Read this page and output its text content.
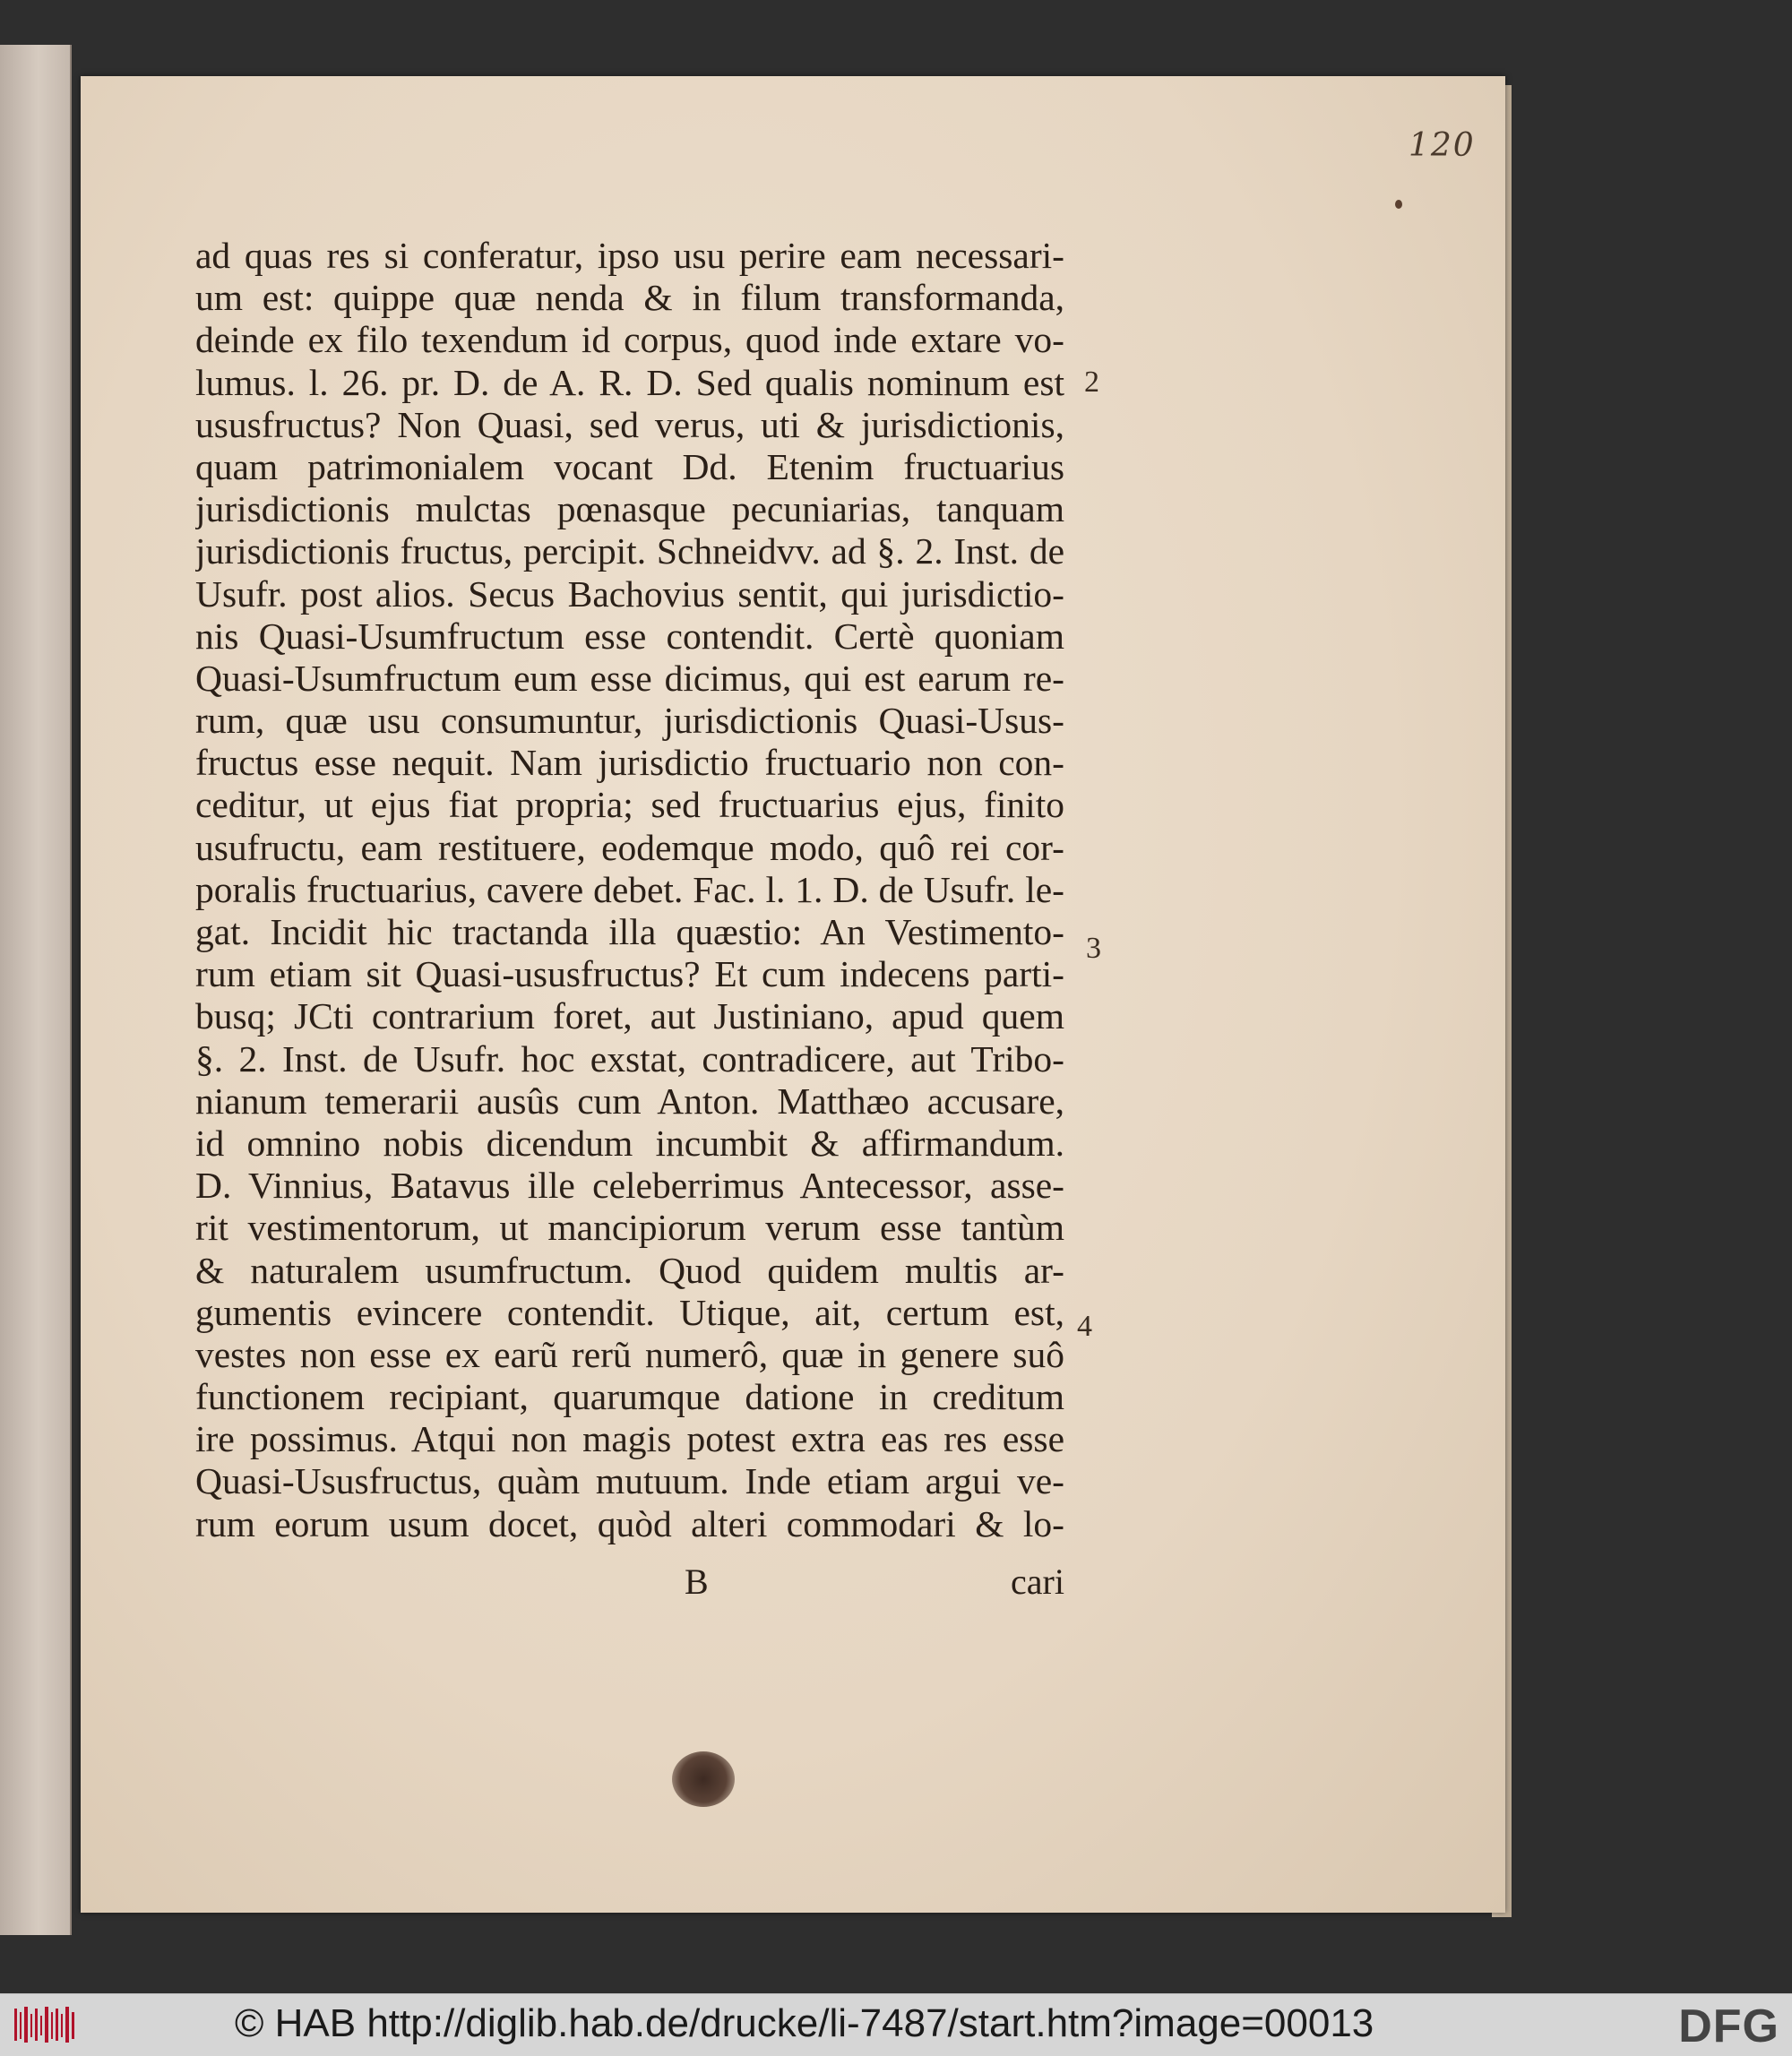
120
ad quas res si conferatur, ipso usu perire eam necessari-
um est: quippe quæ nenda & in filum transformanda,
deinde ex filo texendum id corpus, quod inde extare vo-
lumus. l. 26. pr. D. de A. R. D. Sed qualis nominum est
ususfructus? Non Quasi, sed verus, uti & jurisdictionis,
quam patrimonialem vocant Dd. Etenim fructuarius
jurisdictionis mulctas pœnasque pecuniarias, tanquam
jurisdictionis fructus, percipit. Schneidvv. ad §. 2. Inst. de
Usufr. post alios. Secus Bachovius sentit, qui jurisdictio-
nis Quasi-Usumfructum esse contendit. Certè quoniam
Quasi-Usumfructum eum esse dicimus, qui est earum re-
rum, quæ usu consumuntur, jurisdictionis Quasi-Usus-
fructus esse nequit. Nam jurisdictio fructuario non con-
ceditur, ut ejus fiat propria; sed fructuarius ejus, finito
usufructu, eam restituere, eodemque modo, quô rei cor-
poralis fructuarius, cavere debet. Fac. l. 1. D. de Usufr. le-
gat. Incidit hic tractanda illa quæstio: An Vestimento-
rum etiam sit Quasi-ususfructus? Et cum indecens parti-
busq; JCti contrarium foret, aut Justiniano, apud quem
§. 2. Inst. de Usufr. hoc exstat, contradicere, aut Tribo-
nianum temerarii ausûs cum Anton. Matthæo accusare,
id omnino nobis dicendum incumbit & affirmandum.
D. Vinnius, Batavus ille celeberrimus Antecessor, asse-
rit vestimentorum, ut mancipiorum verum esse tantùm
& naturalem usumfructum. Quod quidem multis ar-
gumentis evincere contendit. Utique, ait, certum est,
vestes non esse ex earũ rerũ numerô, quæ in genere suô
functionem recipiant, quarumque datione in creditum
ire possimus. Atqui non magis potest extra eas res esse
Quasi-Ususfructus, quàm mutuum. Inde etiam argui ve-
rum eorum usum docet, quòd alteri commodari & lo-
2
3
4
B	cari
© HAB http://diglib.hab.de/drucke/li-7487/start.htm?image=00013	DFG
